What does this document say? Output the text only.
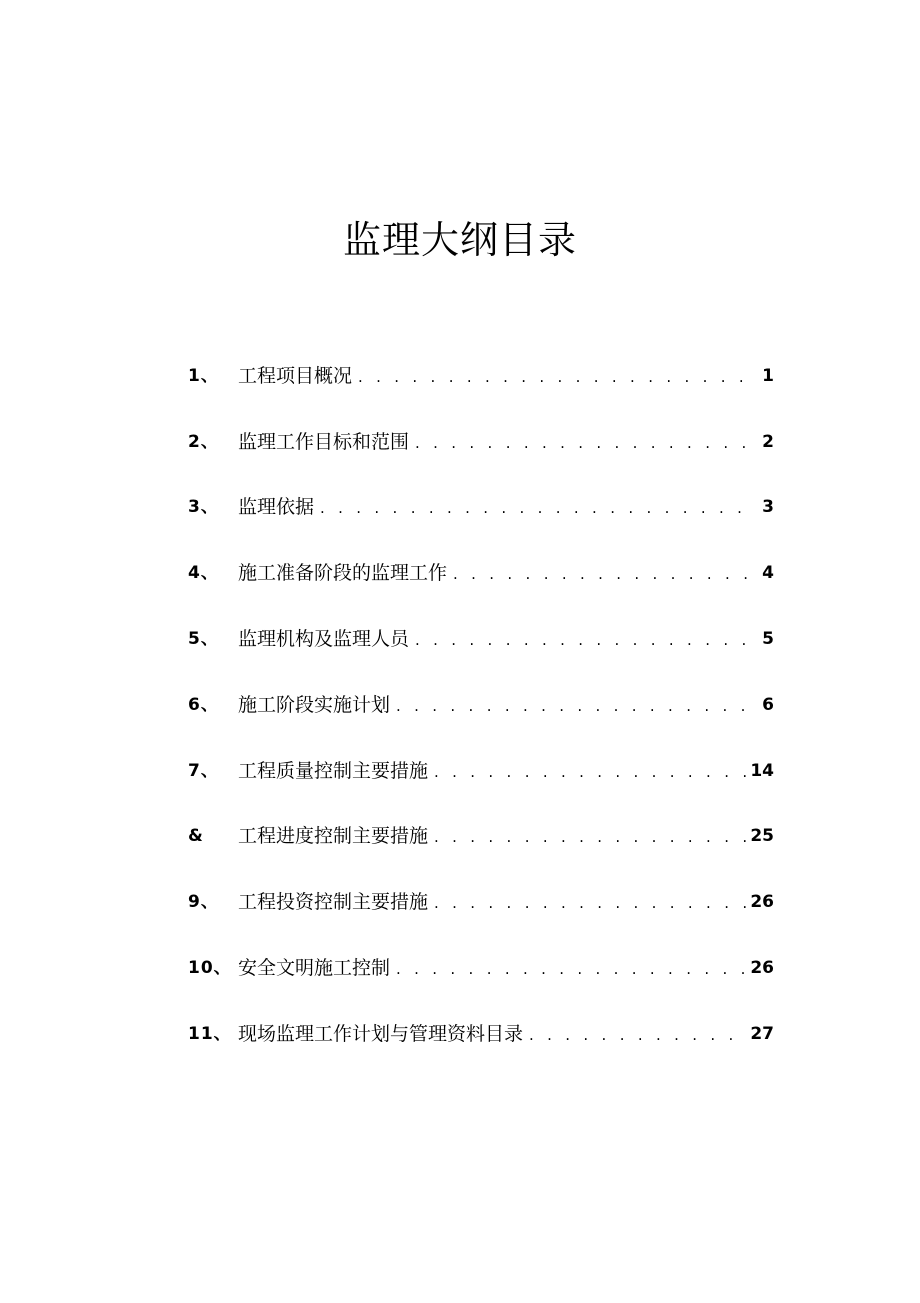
监理大纲目录
1、	工程项目概况 . . .	1
2、	监理工作目标和范围 . . .	2
3、	监理依据 . . .	3
4、	施工准备阶段的监理工作 . . .	4
5、	监理机构及监理人员 . . .	5
6、	施工阶段实施计划 . . .	6
7、	工程质量控制主要措施 . . .	14
&	工程进度控制主要措施 . . .	25
9、	工程投资控制主要措施 . . .	26
10、 安全文明施工控制 . . .	26
11、 现场监理工作计划与管理资料目录 . . .	27
